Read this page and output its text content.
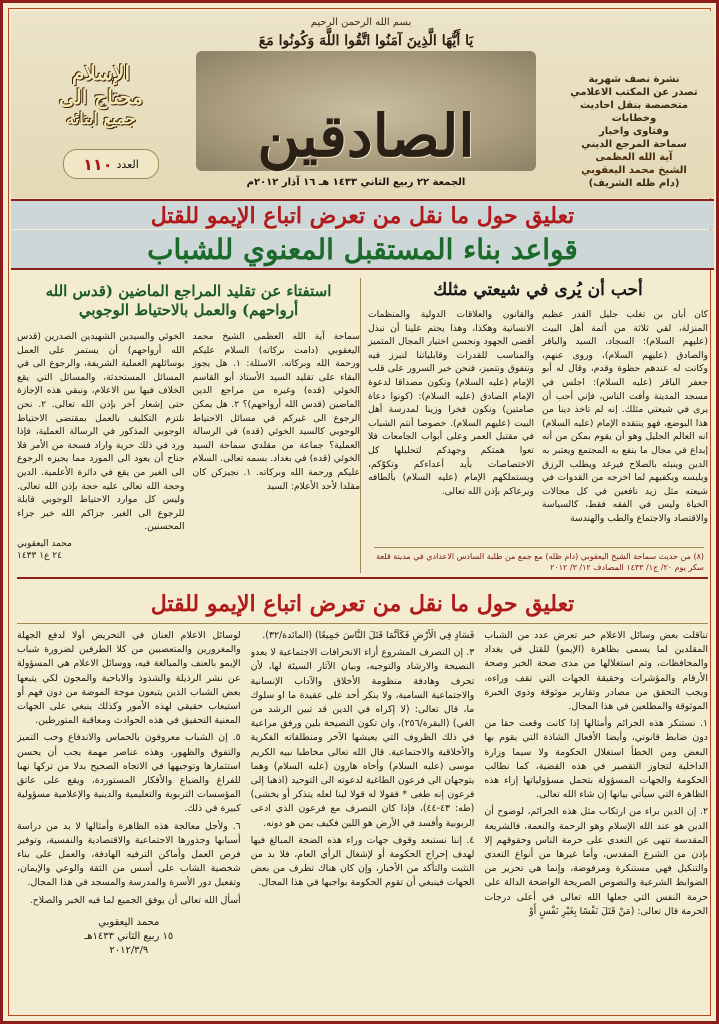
بسم الله الرحمن الرحيم
يَا أَيُّهَا الَّذِينَ آمَنُوا اتَّقُوا اللَّهَ وَكُونُوا مَعَ
الصادقين
الإسلام
محتاج الى
جميع ابنائه
١١٠ العدد
الجمعة ٢٢ ربيع الثاني ١٤٣٣ هـ ١٦ آذار ٢٠١٢م
نشرة نصف شهرية
تصدر عن المكتب الاعلامي
متخصصة بنقل احاديث وخطابات
وفتاوى واخبار
سماحة المرجع الديني
آية الله العظمى
الشيخ محمد اليعقوبي
(دام ظله الشريف)
تعليق حول ما نقل من تعرض اتباع الإيمو للقتل
قواعد بناء المستقبل المعنوي للشباب
استفتاء عن تقليد المراجع الماضين (قدس الله أرواحهم) والعمل بالاحتياط الوجوبي
سماحة آية الله العظمى الشيخ محمد اليعقوبي (دامت بركاته) السلام عليكم ورحمة الله وبركاته. الاسئلة: ١. هل يجوز البقاء على تقليد السيد الأستاذ أبو القاسم الخوئي (قده) وغيره من مراجع الدين الماضين (قدس الله أرواحهم)؟ ٢. هل يمكن الرجوع الى غيركم في مسائل الاحتياط الوجوبي كالسيد الخوئي (قده) في الرسالة العملية؟ جماعة من مقلدي سماحة السيد الخوئي (قده) في بغداد. بسمه تعالى. السلام عليكم ورحمة الله وبركاته. ١. نجيزكن كان مقلدا لأحد الأعلام: السيد
الخوئي والسيدين الشهيدين الصدرين (قدس الله أرواحهم) أن يستمر على العمل بوسائلهم العملية الشريفة، والرجوع الى في المسائل المستحدثة، والمسائل التي يقع الخلاف فيها بين الاعلام، ونبقي هذه الإجازة حتى إشعار آخر بإذن الله تعالى. ٢. نحن نلتزم التكليف بالعمل بمقتضى الاحتياط الوجوبي المذكور في الرسالة العملية، فإذا ورد في ذلك حرية واراد فسحة من الأمر فلا جناح أن يعود الى المورد مما يجيزه الرجوع الى الغير من يقع في دائرة الأعلمية. الدين وحجة الله تعالى عليه حجة بإذن الله تعالى. وليس كل موارد الاحتياط الوجوبي قابلة للرجوع الى الغير. جزاكم الله خير جزاء المحسنين.
محمد اليعقوبي
٢٤ ع١ ١٤٣٣
أحب أن يُرى في شيعتي مثلك
كان أبان بن تغلب جليل القدر عظيم المنزلة، لقي ثلاثة من أئمة أهل البيت (عليهم السلام): السجاد، السيد والباقر والصادق (عليهم السلام)، وروى عنهم، وكانت له عندهم حظوة وقدم، وقال له أبو جعفر الباقر (عليه السلام): اجلس في مسجد المدينة وأفت الناس، فإني أحب أن يرى في شيعتي مثلك. إنه لم تاخذ دينا من هذا البوضع، فهو ينتقده الإمام (عليه السلام) انه العالم الجليل وهو أن يقوم بمكن من أنه إبداع في مجال ما ينفع به المجتمع ويعتبر به الدين وينبئه بالصلاح فيرغد ويطلب الرزق ويلبسه ويكفيهم لما اخرجه من القدوات في شيعته مثل زيد نافعين في كل مجالات الحياة وليس في الفقه فقط، كالسياسة والاقتصاد والاجتماع والطب والهندسة
والقانون والعلاقات الدولية والمنظمات الانسانية وهكذا، وهذا يحتم علينا أن نبذل أقصى الجهود ونحسن اختيار المجال المتميز والمناسب للقدرات وقابلياتنا لنبرز فيه ونتفوق ونتميز، فنحن خير السرور على قلب الإمام (عليه السلام) ونكون مصداقا لدعوة الإمام الصادق (عليه السلام): (كونوا دعاة صامتين) ونكون فخرا وزينا لمدرسة أهل البيت (عليهم السلام). خصوصا أنتم الشباب في مقتبل العمر وعلى أبواب الجامعات فلا تعوا همتكم وجهدكم لتحليلها كل الاختصاصات بأيد أعداءكم وتكوّكم، ويستملكهم الإمام (عليه السلام) بألطافه ويرعاكم بإذن الله تعالى.
(٨) من حديث سماحة الشيخ اليعقوبي (دام ظله) مع جمع من طلبة السادس الاعدادي في مدينة قلعة سكر يوم ٢٠/ ج١/ ١٤٣٣ المصادف ١٢/ ٣/ ٢٠١٢
تعليق حول ما نقل من تعرض اتباع الإيمو للقتل

تناقلت بعض وسائل الاعلام خبر تعرض عدد من الشباب المقلدين لما يسمى بظاهرة (الإيمو) للقتل في بغداد والمحافظات، وتم استغلالها من مدى صحة الخبر وصحة الأرقام والمؤشرات وحقيقة الجهات التي تقف وراءه، ويجب التحقق من مصادر وتقارير موثوقة وذوي الخبرة الموثوقة والمطلعين في هذا المجال.

١. نستنكر هذه الجرائم وأمثالها إذا كانت وقعت حقا من دون ضابط قانوني، وأيضا الأفعال الشاذة التي يقوم بها البعض ومن الخطأ استغلال الحكومة ولا سيما وزارة الداخلية لتجاوز التقصير في هذه القضية، كما نطالب الحكومة والجهات المسؤولة بتحمل مسؤولياتها إزاء هذه الظاهرة التي سيأتي بيانها إن شاء الله تعالى.

٢. إن الدين براء من ارتكاب مثل هذه الجرائم، لوضوح أن الدين هو عند الله الإسلام وهو الرحمة والنعمة، فالشريعة المقدسة تنهى عن التعدي على حرمة الناس وحقوقهم إلا بإذن من الشرع المقدس، وأما غيرها من أنواع التعدي والتنكيل فهي مستنكرة ومرفوضة، وإنما هي تحرير من الضوابط الشرعية والنصوص الصريحة الواضحة الدالة على حرمة النفس التي جعلها الله تعالى في أعلى درجات الحرمة قال تعالى: (مَنْ قَتَلَ نَفْسًا بِغَيْرِ نَفْسٍ أَوْ

فَسَادٍ فِي الْأَرْضِ فَكَأَنَّمَا قَتَلَ النَّاسَ جَمِيعًا) (المائدة/٣٢).

٣. إن التصرف المشروع أزاء الانحرافات الاجتماعية لا يعدو النصيحة والارشاد والتوجيه، وبيان الآثار السيئة لها، لأن تحرف وهادفة منظومة الأخلاق والآداب الإنسانية والاجتماعية السامية، ولا ينكر أحد على عقيدة ما او سلوك ما، قال تعالى: (لا إكراه في الدين قد تبين الرشد من الغي) (البقرة/٢٥٦)، وان تكون النصيحة بلين ورفق مراعية في ذلك الظروف التي يعيشها الآخر ومنطلقاته الفكرية والأخلاقية والاجتماعية. قال الله تعالى مخاطبا نبيه الكريم موسى (عليه السلام) وأخاه هارون (عليه السلام) وهما يتوجهان الى فرعون الطاغية لدعوته الى التوحيد (اذهبا إلى فرعون إنه طغى * فقولا له قولا لينا لعله يتذكر أو يخشى) (طه: ٤٣-٤٤)، فإذا كان التصرف مع فرعون الذي ادعى الربوبية وأفسد في الأرض هو اللين فكيف بمن هو دونه.

٤. إننا نستبعد وقوف جهات وراء هذه الضجة المبالغ فيها لهدف إحراج الحكومة أو لإشغال الرأي العام، فلا بد من التثبت والتأكد من الأخبار، وإن كان هناك تطرف من بعض الجهات فينبغي أن تقوم الحكومة بواجبها في هذا المجال.

لوسائل الاعلام العنان في التحريض أولا لدفع الجهلة والمغرورين والمتعصبين من كلا الطرفين لضرورة شباب الإيمو بالعنف والمبالغة فيه، ووسائل الاعلام هي المسؤولة عن نشر الرذيلة والشذوذ والاباحية والمجون لكي يتبعها بعض الشباب الذين يتبعون موجة الموضة من دون فهم أو استيعاب حقيقي لهذه الأمور وكذلك ينبغي على الجهات المعنية التحقيق في هذه الحوادث ومعاقبة المتورطين.

٥. إن الشباب معروفون بالحماس والاندفاع وحب التميز والتفوق والظهور، وهذه عناصر مهمة يجب أن يحسن استثمارها وتوجيهها في الاتجاه الصحيح بدلا من تركها نهبا للفراغ والضياع والأفكار المستوردة، ويقع على عاتق المؤسسات التربوية والتعليمية والدينية والإعلامية مسؤولية كبيرة في ذلك.

٦. ولأجل معالجة هذه الظاهرة وأمثالها لا بد من دراسة أسبابها وجذورها الاجتماعية والاقتصادية والنفسية، وتوفير فرص العمل وأماكن الترفيه الهادفة، والعمل على بناء شخصية الشاب على أسس من الثقة والوعي والإيمان، وتفعيل دور الأسرة والمدرسة والمسجد في هذا المجال.

أسأل الله تعالى أن يوفق الجميع لما فيه الخير والصلاح.

محمد اليعقوبي
١٥ ربيع الثاني ١٤٣٣هـ
٢٠١٢/٣/٩
